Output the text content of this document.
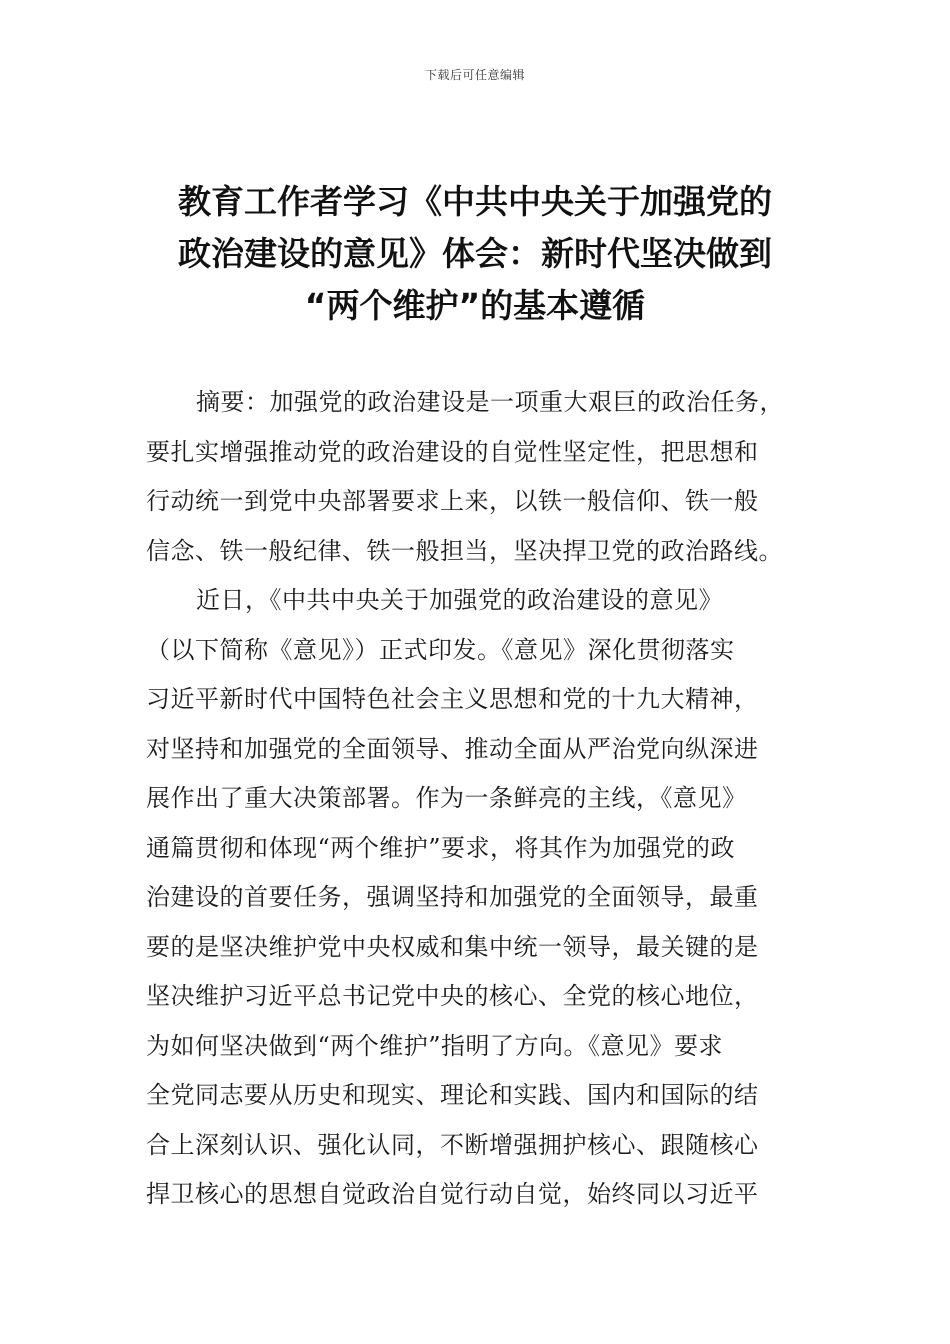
下载后可任意编辑
教育工作者学习《中共中央关于加强党的
政治建设的意见》体会：新时代坚决做到
“两个维护”的基本遵循
摘要：加强党的政治建设是一项重大艰巨的政治任务，
要扎实增强推动党的政治建设的自觉性坚定性，把思想和
行动统一到党中央部署要求上来，以铁一般信仰、铁一般
信念、铁一般纪律、铁一般担当，坚决捍卫党的政治路线。
近日，《中共中央关于加强党的政治建设的意见》
（以下简称《意见》）正式印发。《意见》深化贯彻落实
习近平新时代中国特色社会主义思想和党的十九大精神，
对坚持和加强党的全面领导、推动全面从严治党向纵深进
展作出了重大决策部署。作为一条鲜亮的主线，《意见》
通篇贯彻和体现“两个维护”要求，将其作为加强党的政
治建设的首要任务，强调坚持和加强党的全面领导，最重
要的是坚决维护党中央权威和集中统一领导，最关键的是
坚决维护习近平总书记党中央的核心、全党的核心地位，
为如何坚决做到“两个维护”指明了方向。《意见》要求
全党同志要从历史和现实、理论和实践、国内和国际的结
合上深刻认识、强化认同，不断增强拥护核心、跟随核心
捍卫核心的思想自觉政治自觉行动自觉，始终同以习近平
